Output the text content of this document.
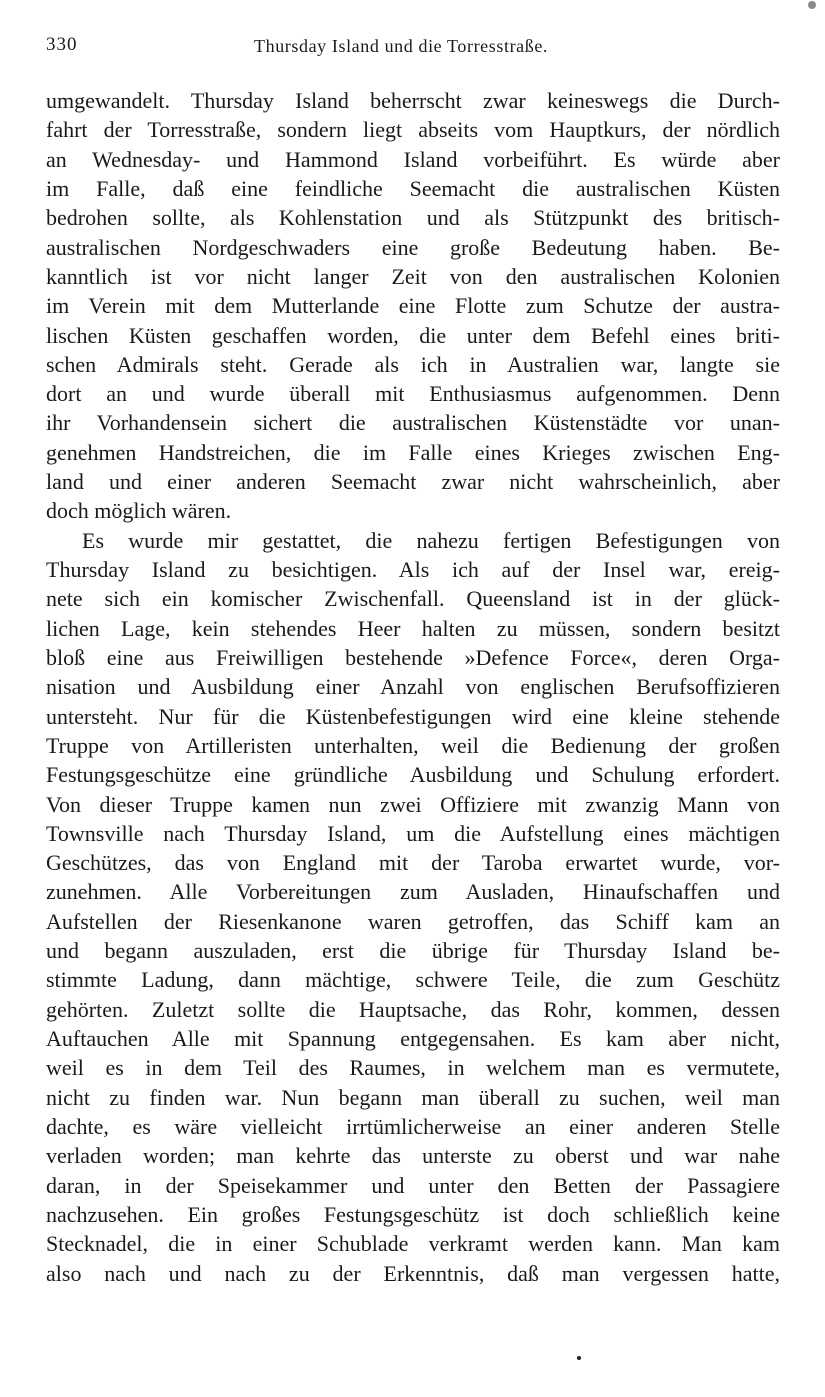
330	Thursday Island und die Torresstraße.
umgewandelt. Thursday Island beherrscht zwar keineswegs die Durch-
fahrt der Torresstraße, sondern liegt abseits vom Hauptkurs, der nördlich
an Wednesday- und Hammond Island vorbeiführt. Es würde aber
im Falle, daß eine feindliche Seemacht die australischen Küsten
bedrohen sollte, als Kohlenstation und als Stützpunkt des britisch-
australischen Nordgeschwaders eine große Bedeutung haben. Be-
kanntlich ist vor nicht langer Zeit von den australischen Kolonien
im Verein mit dem Mutterlande eine Flotte zum Schutze der austra-
lischen Küsten geschaffen worden, die unter dem Befehl eines briti-
schen Admirals steht. Gerade als ich in Australien war, langte sie
dort an und wurde überall mit Enthusiasmus aufgenommen. Denn
ihr Vorhandensein sichert die australischen Küstenstädte vor unan-
genehmen Handstreichen, die im Falle eines Krieges zwischen Eng-
land und einer anderen Seemacht zwar nicht wahrscheinlich, aber
doch möglich wären.
Es wurde mir gestattet, die nahezu fertigen Befestigungen von
Thursday Island zu besichtigen. Als ich auf der Insel war, ereig-
nete sich ein komischer Zwischenfall. Queensland ist in der glück-
lichen Lage, kein stehendes Heer halten zu müssen, sondern besitzt
bloß eine aus Freiwilligen bestehende »Defence Force«, deren Orga-
nisation und Ausbildung einer Anzahl von englischen Berufsoffizieren
untersteht. Nur für die Küstenbefestigungen wird eine kleine stehende
Truppe von Artilleristen unterhalten, weil die Bedienung der großen
Festungsgeschütze eine gründliche Ausbildung und Schulung erfordert.
Von dieser Truppe kamen nun zwei Offiziere mit zwanzig Mann von
Townsville nach Thursday Island, um die Aufstellung eines mächtigen
Geschützes, das von England mit der Taroba erwartet wurde, vor-
zunehmen. Alle Vorbereitungen zum Ausladen, Hinaufschaffen und
Aufstellen der Riesenkanone waren getroffen, das Schiff kam an
und begann auszuladen, erst die übrige für Thursday Island be-
stimmte Ladung, dann mächtige, schwere Teile, die zum Geschütz
gehörten. Zuletzt sollte die Hauptsache, das Rohr, kommen, dessen
Auftauchen Alle mit Spannung entgegensahen. Es kam aber nicht,
weil es in dem Teil des Raumes, in welchem man es vermutete,
nicht zu finden war. Nun begann man überall zu suchen, weil man
dachte, es wäre vielleicht irrtümlicherweise an einer anderen Stelle
verladen worden; man kehrte das unterste zu oberst und war nahe
daran, in der Speisekammer und unter den Betten der Passagiere
nachzusehen. Ein großes Festungsgeschütz ist doch schließlich keine
Stecknadel, die in einer Schublade verkramt werden kann. Man kam
also nach und nach zu der Erkenntnis, daß man vergessen hatte,
